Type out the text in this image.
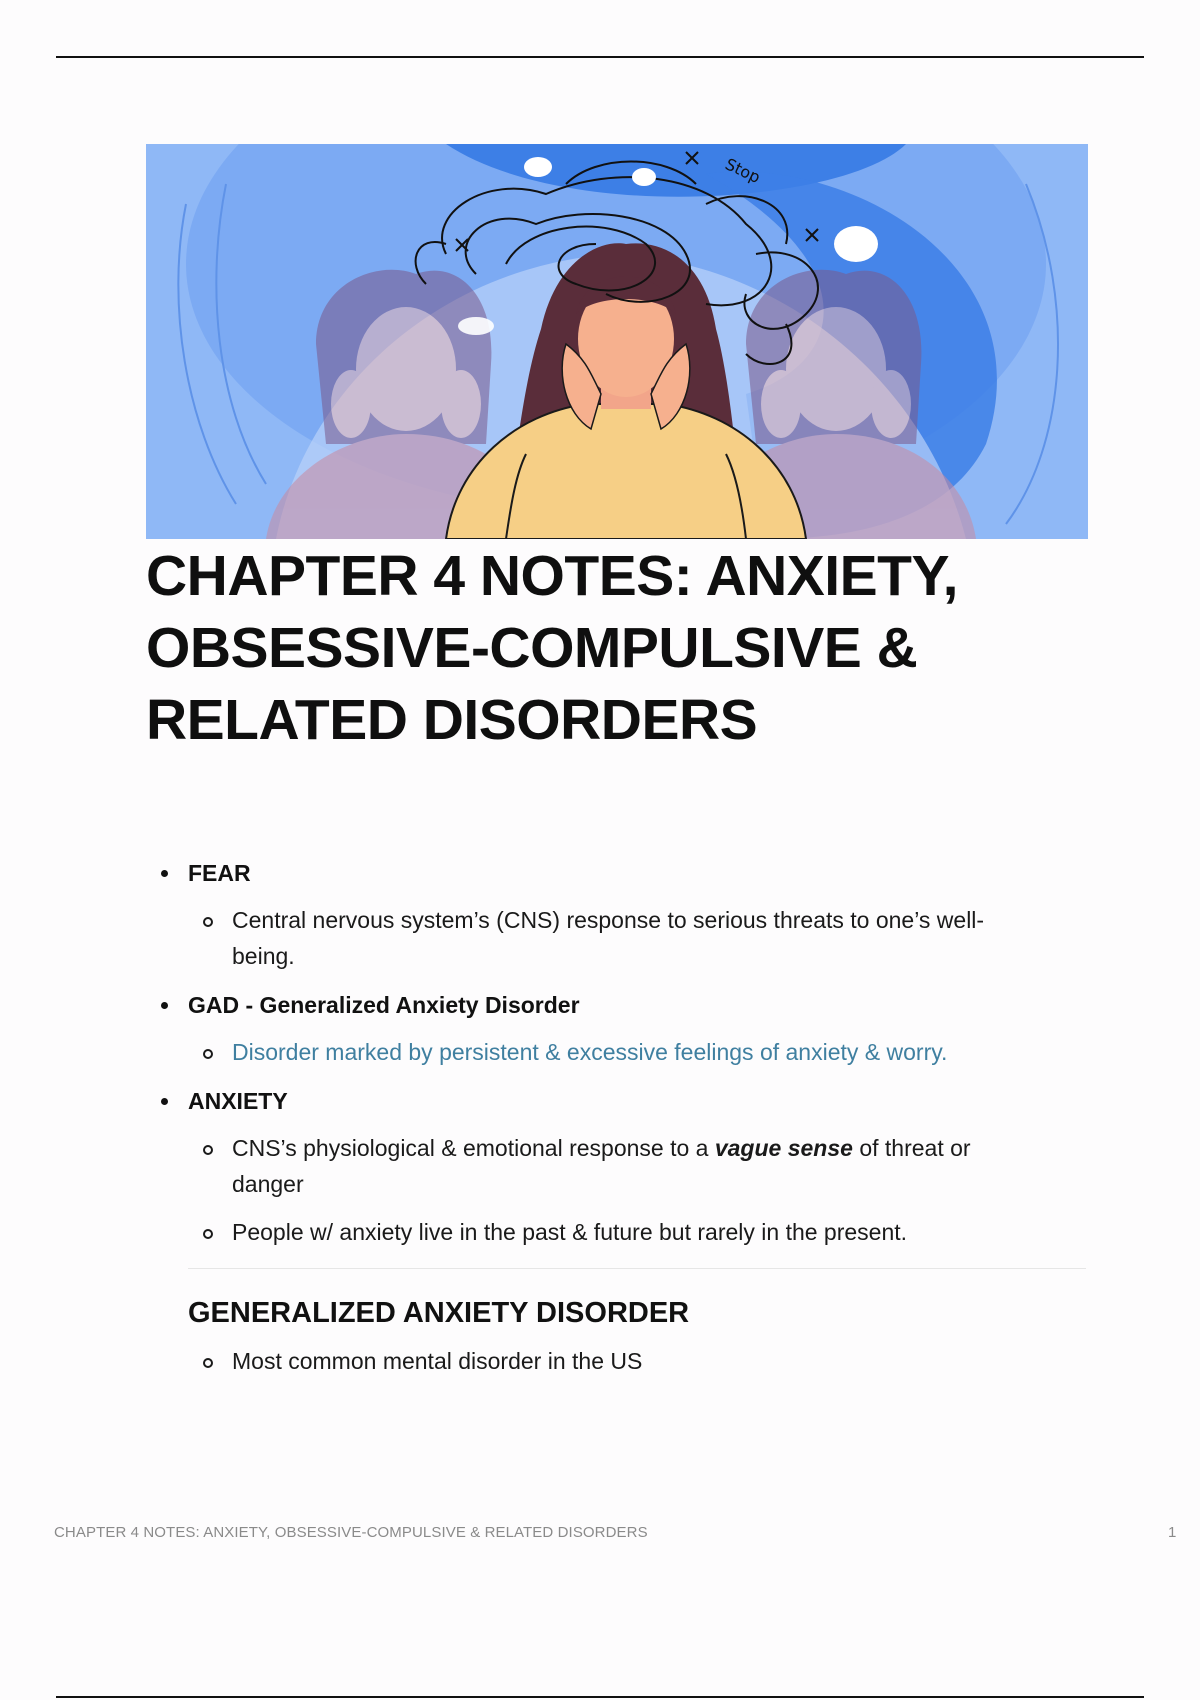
Stop
CHAPTER 4 NOTES: ANXIETY,
OBSESSIVE-COMPULSIVE &
RELATED DISORDERS
FEAR
Central nervous system’s (CNS) response to serious threats to one’s well-
being.
GAD - Generalized Anxiety Disorder
Disorder marked by persistent & excessive feelings of anxiety & worry.
ANXIETY
CNS’s physiological & emotional response to a vague sense of threat or
danger
People w/ anxiety live in the past & future but rarely in the present.
GENERALIZED ANXIETY DISORDER
Most common mental disorder in the US
CHAPTER 4 NOTES: ANXIETY, OBSESSIVE-COMPULSIVE & RELATED DISORDERS	1
